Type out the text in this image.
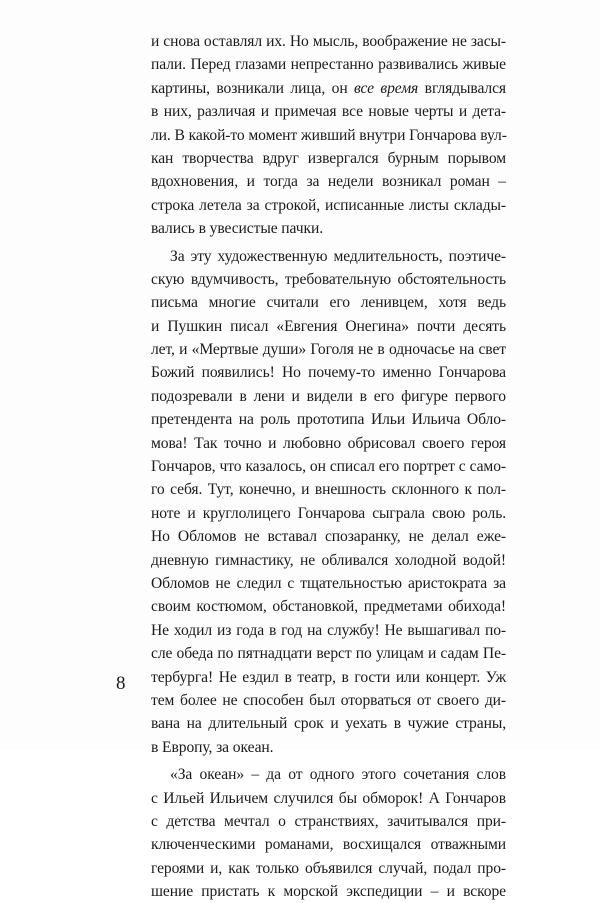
и снова оставлял их. Но мысль, воображение не засы-
пали. Перед глазами непрестанно развивались живые
картины, возникали лица, он все время вглядывался
в них, различая и примечая все новые черты и дета-
ли. В какой-то момент живший внутри Гончарова вул-
кан творчества вдруг извергался бурным порывом
вдохновения, и тогда за недели возникал роман –
строка летела за строкой, исписанные листы склады-
вались в увесистые пачки.
За эту художественную медлительность, поэтиче-
скую вдумчивость, требовательную обстоятельность
письма многие считали его ленивцем, хотя ведь
и Пушкин писал «Евгения Онегина» почти десять
лет, и «Мертвые души» Гоголя не в одночасье на свет
Божий появились! Но почему-то именно Гончарова
подозревали в лени и видели в его фигуре первого
претендента на роль прототипа Ильи Ильича Обло-
мова! Так точно и любовно обрисовал своего героя
Гончаров, что казалось, он списал его портрет с само-
го себя. Тут, конечно, и внешность склонного к пол-
ноте и круглолицего Гончарова сыграла свою роль.
Но Обломов не вставал спозаранку, не делал еже-
дневную гимнастику, не обливался холодной водой!
Обломов не следил с тщательностью аристократа за
своим костюмом, обстановкой, предметами обихода!
Не ходил из года в год на службу! Не вышагивал по-
сле обеда по пятнадцати верст по улицам и садам Пе-
тербурга! Не ездил в театр, в гости или концерт. Уж
тем более не способен был оторваться от своего ди-
вана на длительный срок и уехать в чужие страны,
в Европу, за океан.
«За океан» – да от одного этого сочетания слов
с Ильей Ильичем случился бы обморок! А Гончаров
с детства мечтал о странствиях, зачитывался при-
ключенческими романами, восхищался отважными
героями и, как только объявился случай, подал про-
шение пристать к морской экспедиции – и вскоре
8
